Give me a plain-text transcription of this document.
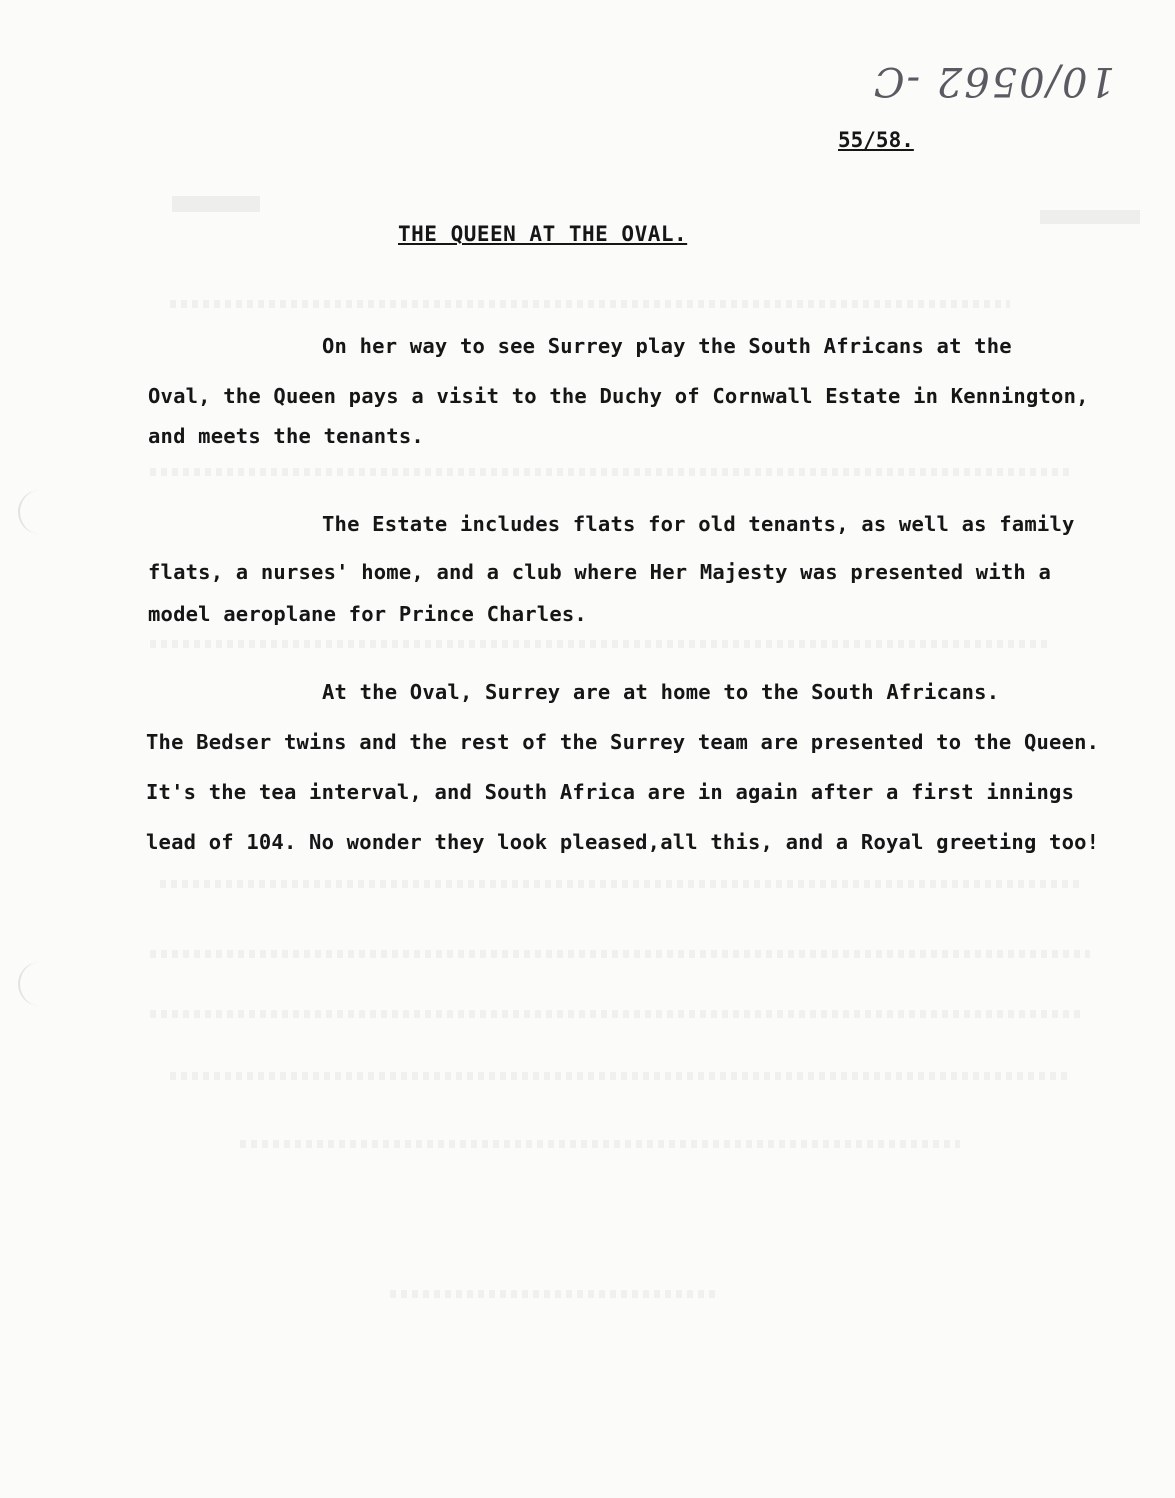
10/0562 -C
55/58.
THE QUEEN AT THE OVAL.
On her way to see Surrey play the South Africans at the
Oval, the Queen pays a visit to the Duchy of Cornwall Estate in Kennington,
and meets the tenants.
The Estate includes flats for old tenants, as well as family
flats, a nurses' home, and a club where Her Majesty was presented with a
model aeroplane for Prince Charles.
At the Oval, Surrey are at home to the South Africans.
The Bedser twins and the rest of the Surrey team are presented to the Queen.
It's the tea interval, and South Africa are in again after a first innings
lead of 104. No wonder they look pleased,all this, and a Royal greeting too!
